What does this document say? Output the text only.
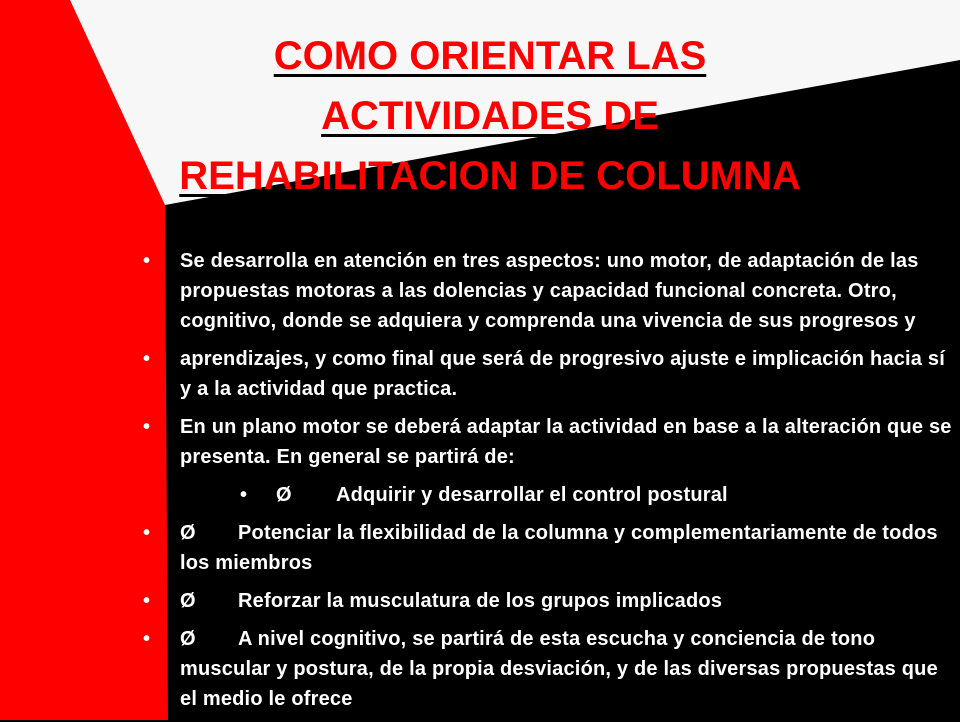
COMO ORIENTAR LAS
ACTIVIDADES DE
REHABILITACION DE COLUMNA
• Se desarrolla en atención en tres aspectos: uno motor, de adaptación de las propuestas motoras a las dolencias y capacidad funcional concreta. Otro, cognitivo, donde se adquiera y comprenda una vivencia de sus progresos y
• aprendizajes, y como final que será de progresivo ajuste e implicación hacia sí y a la actividad que practica.
• En un plano motor se deberá adaptar la actividad en base a la alteración que se presenta. En general se partirá de:
• Ø Adquirir y desarrollar el control postural
• Ø Potenciar la flexibilidad de la columna y complementariamente de todos los miembros
• Ø Reforzar la musculatura de los grupos implicados
• Ø A nivel cognitivo, se partirá de esta escucha y conciencia de tono muscular y postura, de la propia desviación, y de las diversas propuestas que el medio le ofrece
